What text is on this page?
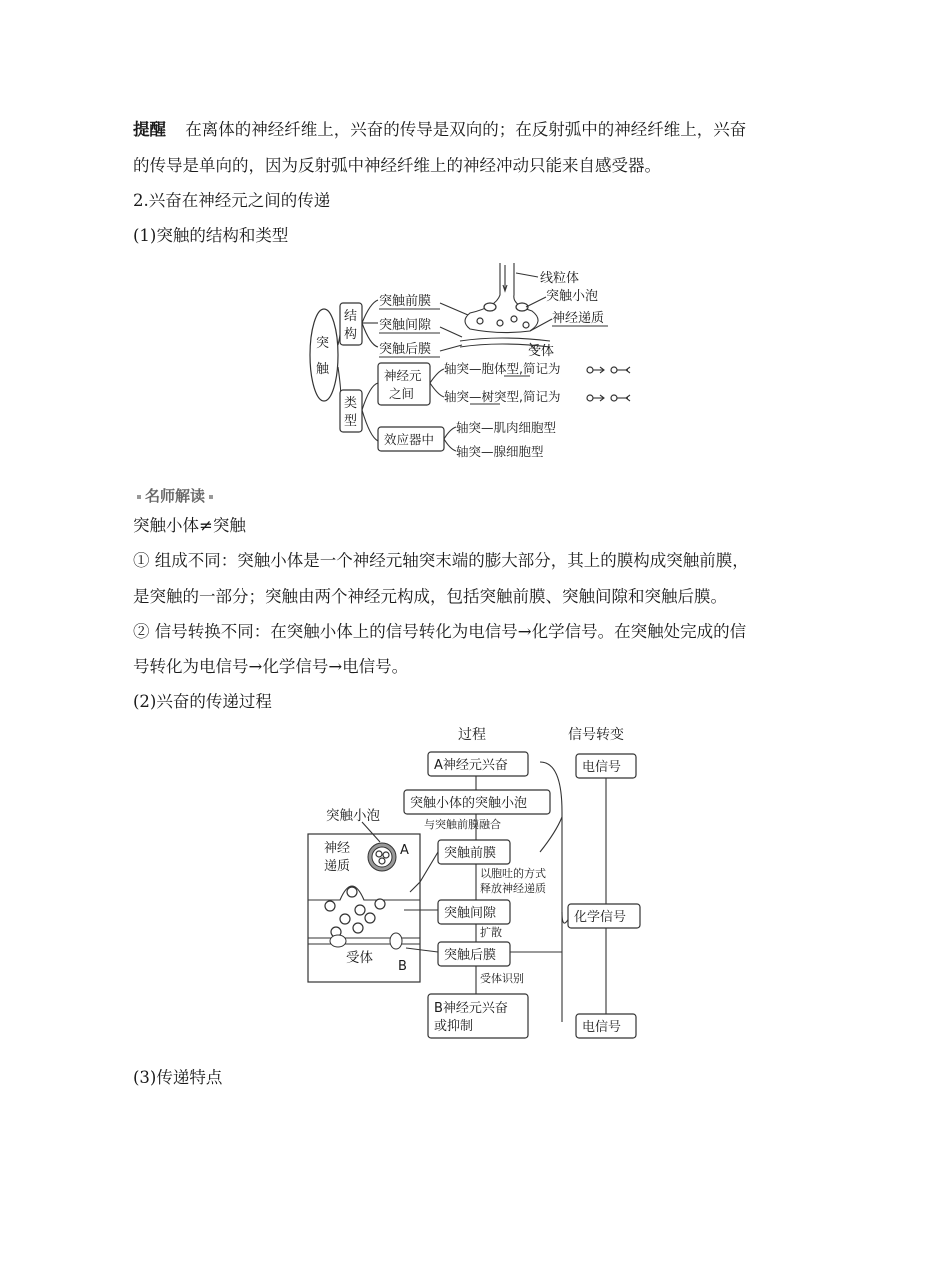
提醒 在离体的神经纤维上，兴奋的传导是双向的；在反射弧中的神经纤维上，兴奋
的传导是单向的，因为反射弧中神经纤维上的神经冲动只能来自感受器。
2.兴奋在神经元之间的传递
(1)突触的结构和类型
突
触
结
构
突触前膜
突触间隙
突触后膜
线粒体
突触小泡
神经递质
受体
类
型
神经元
之间
轴突—胞体型,简记为
轴突—树突型,简记为
效应器中
轴突—肌肉细胞型
轴突—腺细胞型
名师解读
突触小体≠突触
① 组成不同：突触小体是一个神经元轴突末端的膨大部分，其上的膜构成突触前膜，
是突触的一部分；突触由两个神经元构成，包括突触前膜、突触间隙和突触后膜。
② 信号转换不同：在突触小体上的信号转化为电信号→化学信号。在突触处完成的信
号转化为电信号→化学信号→电信号。
(2)兴奋的传递过程
过程	信号转变
突触小泡
神经
递质
A
受体
B
A神经元兴奋
突触小体的突触小泡
与突触前膜融合
突触前膜
以胞吐的方式
释放神经递质
突触间隙
扩散
突触后膜
受体识别
B神经元兴奋
或抑制
电信号
化学信号
电信号
(3)传递特点
